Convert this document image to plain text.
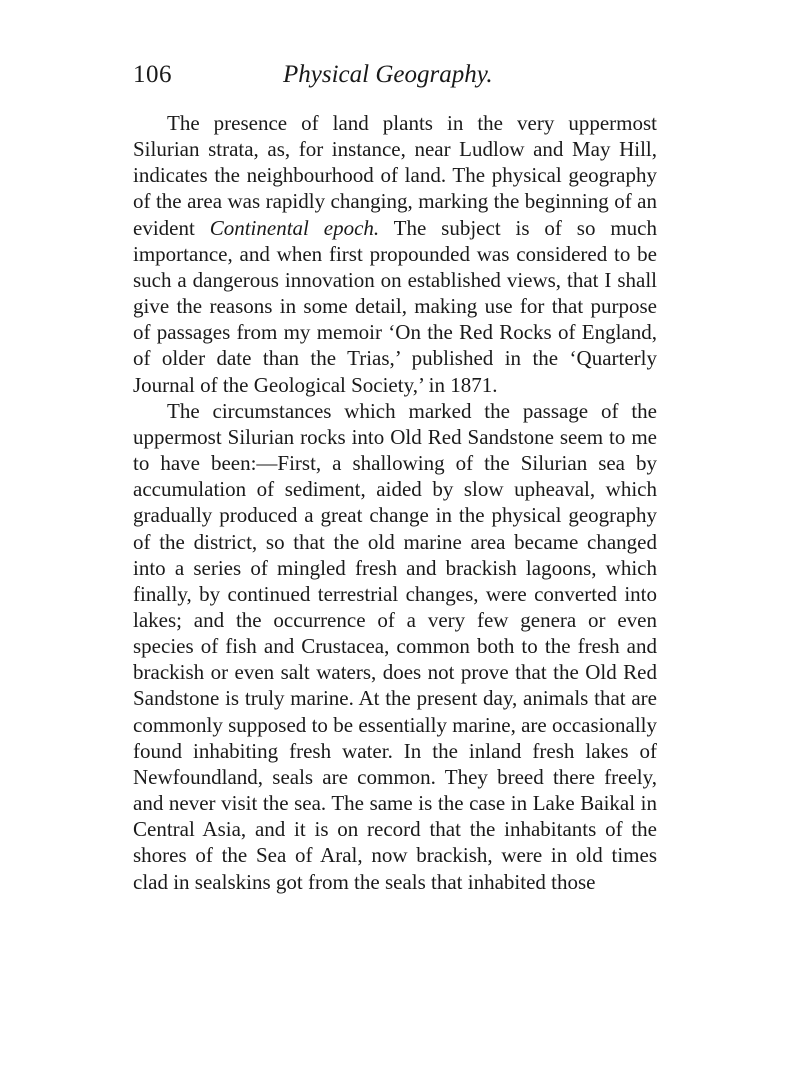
106	Physical Geography.

The presence of land plants in the very uppermost Silurian strata, as, for instance, near Ludlow and May Hill, indicates the neighbourhood of land. The physical geography of the area was rapidly changing, marking the beginning of an evident Continental epoch. The subject is of so much importance, and when first propounded was considered to be such a dangerous innovation on established views, that I shall give the reasons in some detail, making use for that purpose of passages from my memoir ‘On the Red Rocks of England, of older date than the Trias,’ published in the ‘Quarterly Journal of the Geological Society,’ in 1871.

The circumstances which marked the passage of the uppermost Silurian rocks into Old Red Sandstone seem to me to have been:—First, a shallowing of the Silurian sea by accumulation of sediment, aided by slow upheaval, which gradually produced a great change in the physical geography of the district, so that the old marine area became changed into a series of mingled fresh and brackish lagoons, which finally, by continued terrestrial changes, were converted into lakes; and the occurrence of a very few genera or even species of fish and Crustacea, common both to the fresh and brackish or even salt waters, does not prove that the Old Red Sandstone is truly marine. At the present day, animals that are commonly supposed to be essentially marine, are occasionally found inhabiting fresh water. In the inland fresh lakes of Newfoundland, seals are common. They breed there freely, and never visit the sea. The same is the case in Lake Baikal in Central Asia, and it is on record that the inhabitants of the shores of the Sea of Aral, now brackish, were in old times clad in sealskins got from the seals that inhabited those
